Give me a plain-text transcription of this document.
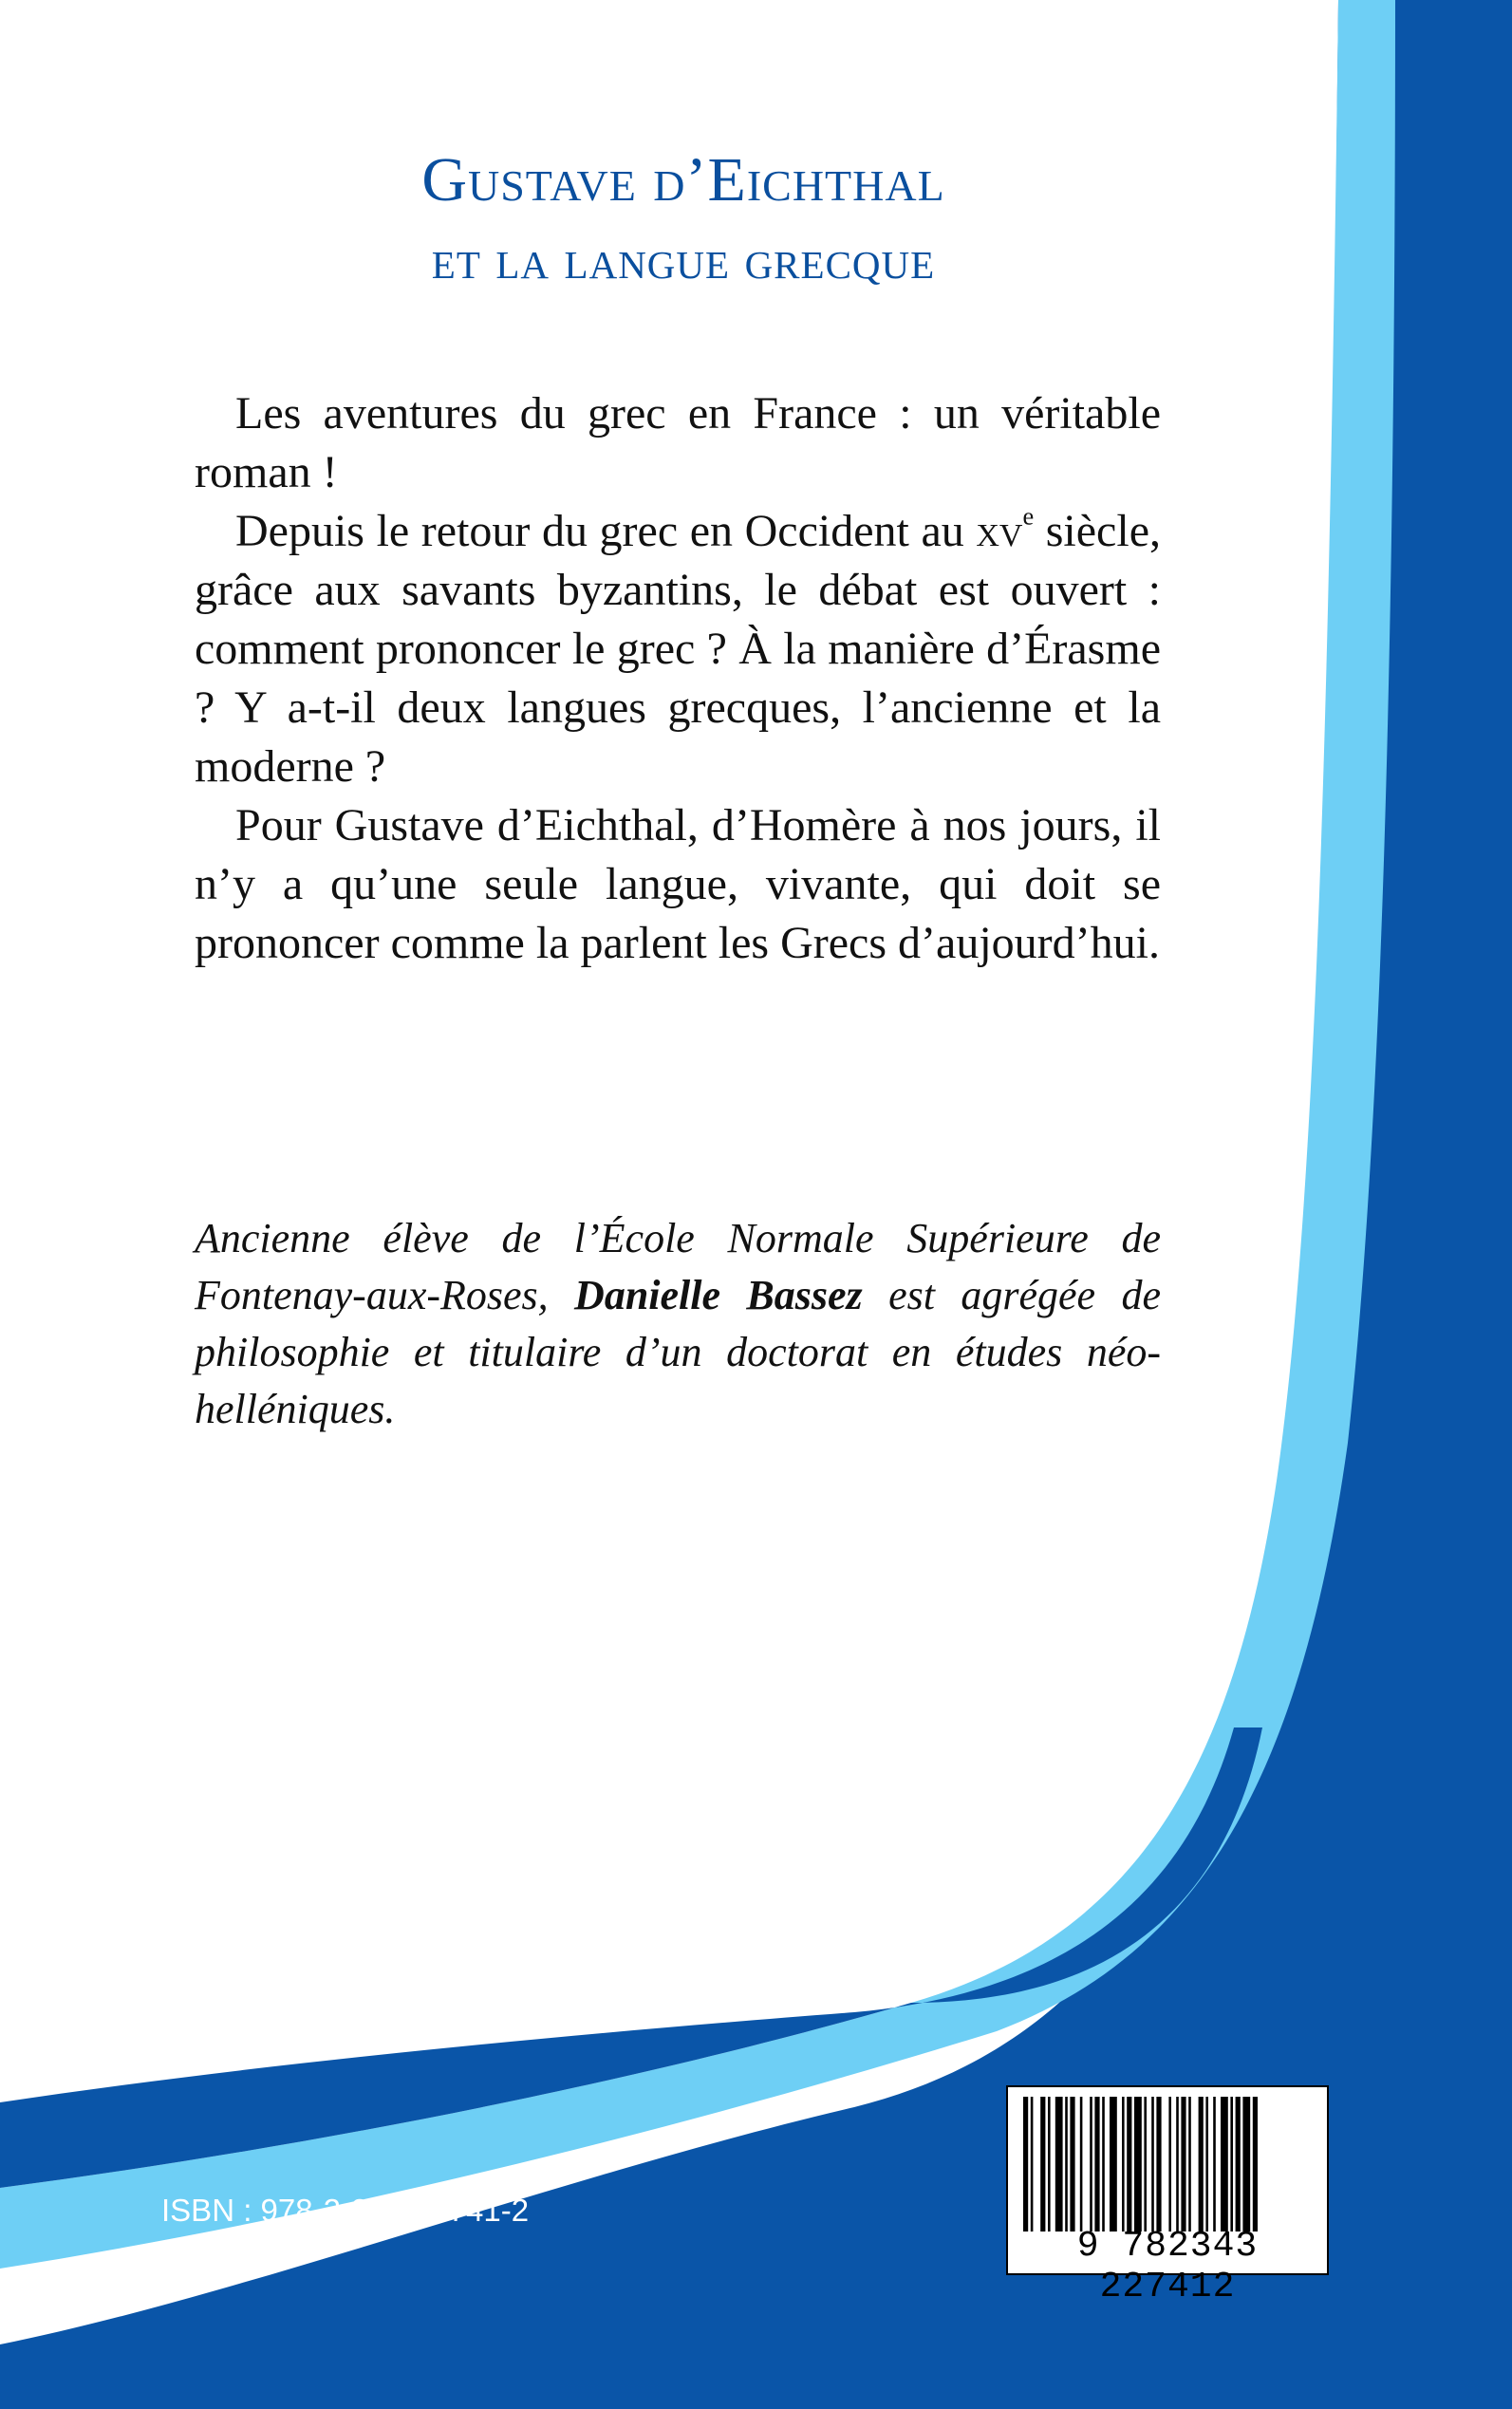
Gustave d’Eichthal
et la langue grecque

Les aventures du grec en France : un véritable roman !

Depuis le retour du grec en Occident au $xv^e$ siècle, grâce aux savants byzantins, le débat est ouvert : comment prononcer le grec ? À la manière d’Érasme ? Y a-t-il deux langues grecques, l’ancienne et la moderne ?

Pour Gustave d’Eichthal, d’Homère à nos jours, il n’y a qu’une seule langue, vivante, qui doit se prononcer comme la parlent les Grecs d’aujourd’hui.

Ancienne élève de l’École Normale Supérieure de Fontenay-aux-Roses, Danielle Bassez est agrégée de philosophie et titulaire d’un doctorat en études néo-helléniques.
ISBN : 978-2-343-22741-2
21 €	9 782343 227412
